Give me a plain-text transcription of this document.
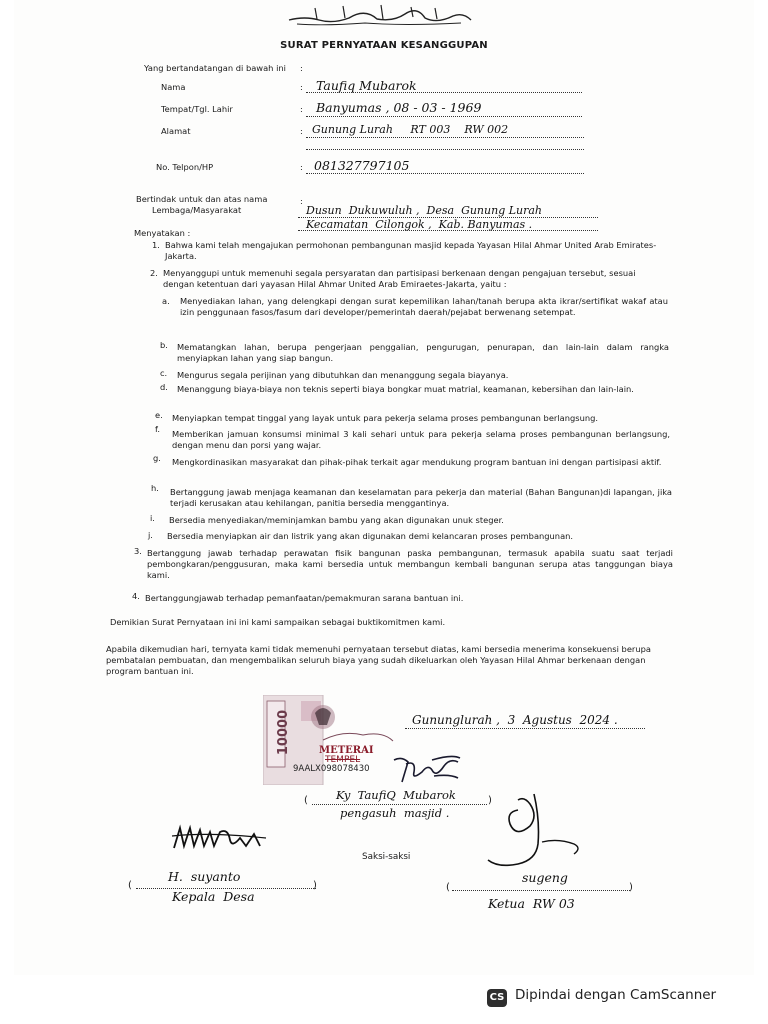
SURAT PERNYATAAN KESANGGUPAN
Yang bertandatangan di bawah ini :
Nama	: Taufiq Mubarok
Tempat/Tgl. Lahir	: Banyumas , 08 - 03 - 1969
Alamat	: Gunung Lurah     RT 003    RW 002
No. Telpon/HP	: 081327797105
Bertindak untuk dan atas nama
Lembaga/Masyarakat
:
Dusun  Dukuwuluh ,  Desa  Gunung Lurah
Kecamatan  Cilongok ,  Kab. Banyumas .
Menyatakan :
1. Bahwa kami telah mengajukan permohonan pembangunan masjid kepada Yayasan Hilal Ahmar United Arab Emirates-Jakarta.
2. Menyanggupi untuk memenuhi segala persyaratan dan partisipasi berkenaan dengan pengajuan tersebut, sesuai dengan ketentuan dari yayasan Hilal Ahmar United Arab Emiraetes-Jakarta, yaitu :
a. Menyediakan lahan, yang delengkapi dengan surat kepemilikan lahan/tanah berupa akta ikrar/sertifikat wakaf atau izin penggunaan fasos/fasum dari developer/pemerintah daerah/pejabat berwenang setempat.
b. Mematangkan lahan, berupa pengerjaan penggalian, pengurugan, penurapan, dan lain-lain dalam rangka menyiapkan lahan yang siap bangun.
c. Mengurus segala perijinan yang dibutuhkan dan menanggung segala biayanya.
d. Menanggung biaya-biaya non teknis seperti biaya bongkar muat matrial, keamanan, kebersihan dan lain-lain.
e. Menyiapkan tempat tinggal yang layak untuk para pekerja selama proses pembangunan berlangsung.
f. Memberikan jamuan konsumsi minimal 3 kali sehari untuk para pekerja selama proses pembangunan berlangsung, dengan menu dan porsi yang wajar.
g. Mengkordinasikan masyarakat dan pihak-pihak terkait agar mendukung program bantuan ini dengan partisipasi aktif.
h. Bertanggung jawab menjaga keamanan dan keselamatan para pekerja dan material (Bahan Bangunan)di lapangan, jika terjadi kerusakan atau kehilangan, panitia bersedia menggantinya.
i. Bersedia menyediakan/meminjamkan bambu yang akan digunakan unuk steger.
j. Bersedia menyiapkan air dan listrik yang akan digunakan demi kelancaran proses pembangunan.
3. Bertanggung jawab terhadap perawatan fisik bangunan paska pembangunan, termasuk apabila suatu saat terjadi pembongkaran/penggusuran, maka kami bersedia untuk membangun kembali bangunan serupa atas tanggungan biaya kami.
4. Bertanggungjawab terhadap pemanfaatan/pemakmuran sarana bantuan ini.
Demikian Surat Pernyataan ini ini kami sampaikan sebagai buktikomitmen kami.
Apabila dikemudian hari, ternyata kami tidak memenuhi pernyataan tersebut diatas, kami bersedia menerima konsekuensi berupa pembatalan pembuatan, dan mengembalikan seluruh biaya yang sudah dikeluarkan oleh Yayasan Hilal Ahmar berkenaan dengan program bantuan ini.
10000	METERAI
TEMPEL
9AALX098078430
Gununglurah ,  3  Agustus  2024 .
( Ky  TaufiQ  Mubarok	)
pengasuh  masjid .
Saksi-saksi
(
H.  suyanto
)
Kepala  Desa
(
sugeng
)
Ketua  RW 03
CS Dipindai dengan CamScanner
